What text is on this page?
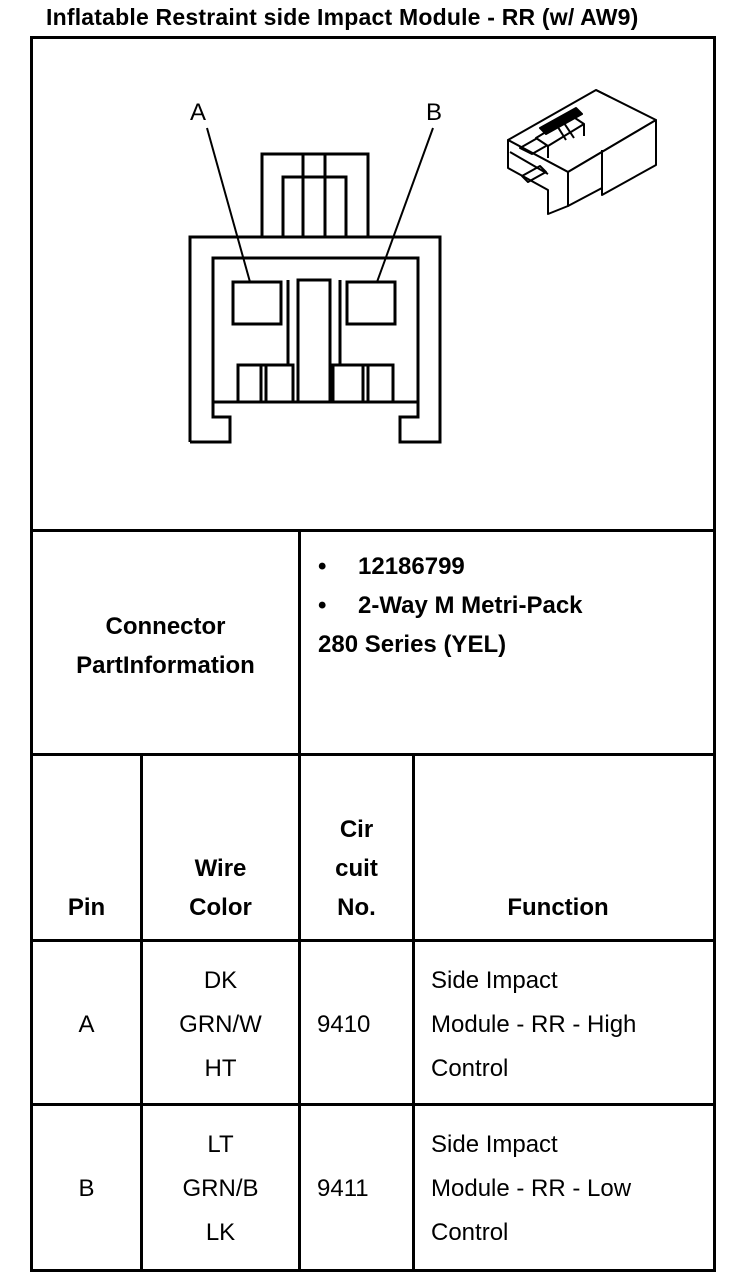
Inflatable Restraint side Impact Module - RR (w/ AW9)
A	B
Connector
PartInformation
• 12186799
• 2-Way M Metri-Pack
280 Series (YEL)
Pin
Wire
Color
Cir
cuit
No.	Function
A
DK
GRN/W
HT
9410
Side Impact
Module - RR - High
Control
B
LT
GRN/B
LK
9411
Side Impact
Module - RR - Low
Control
